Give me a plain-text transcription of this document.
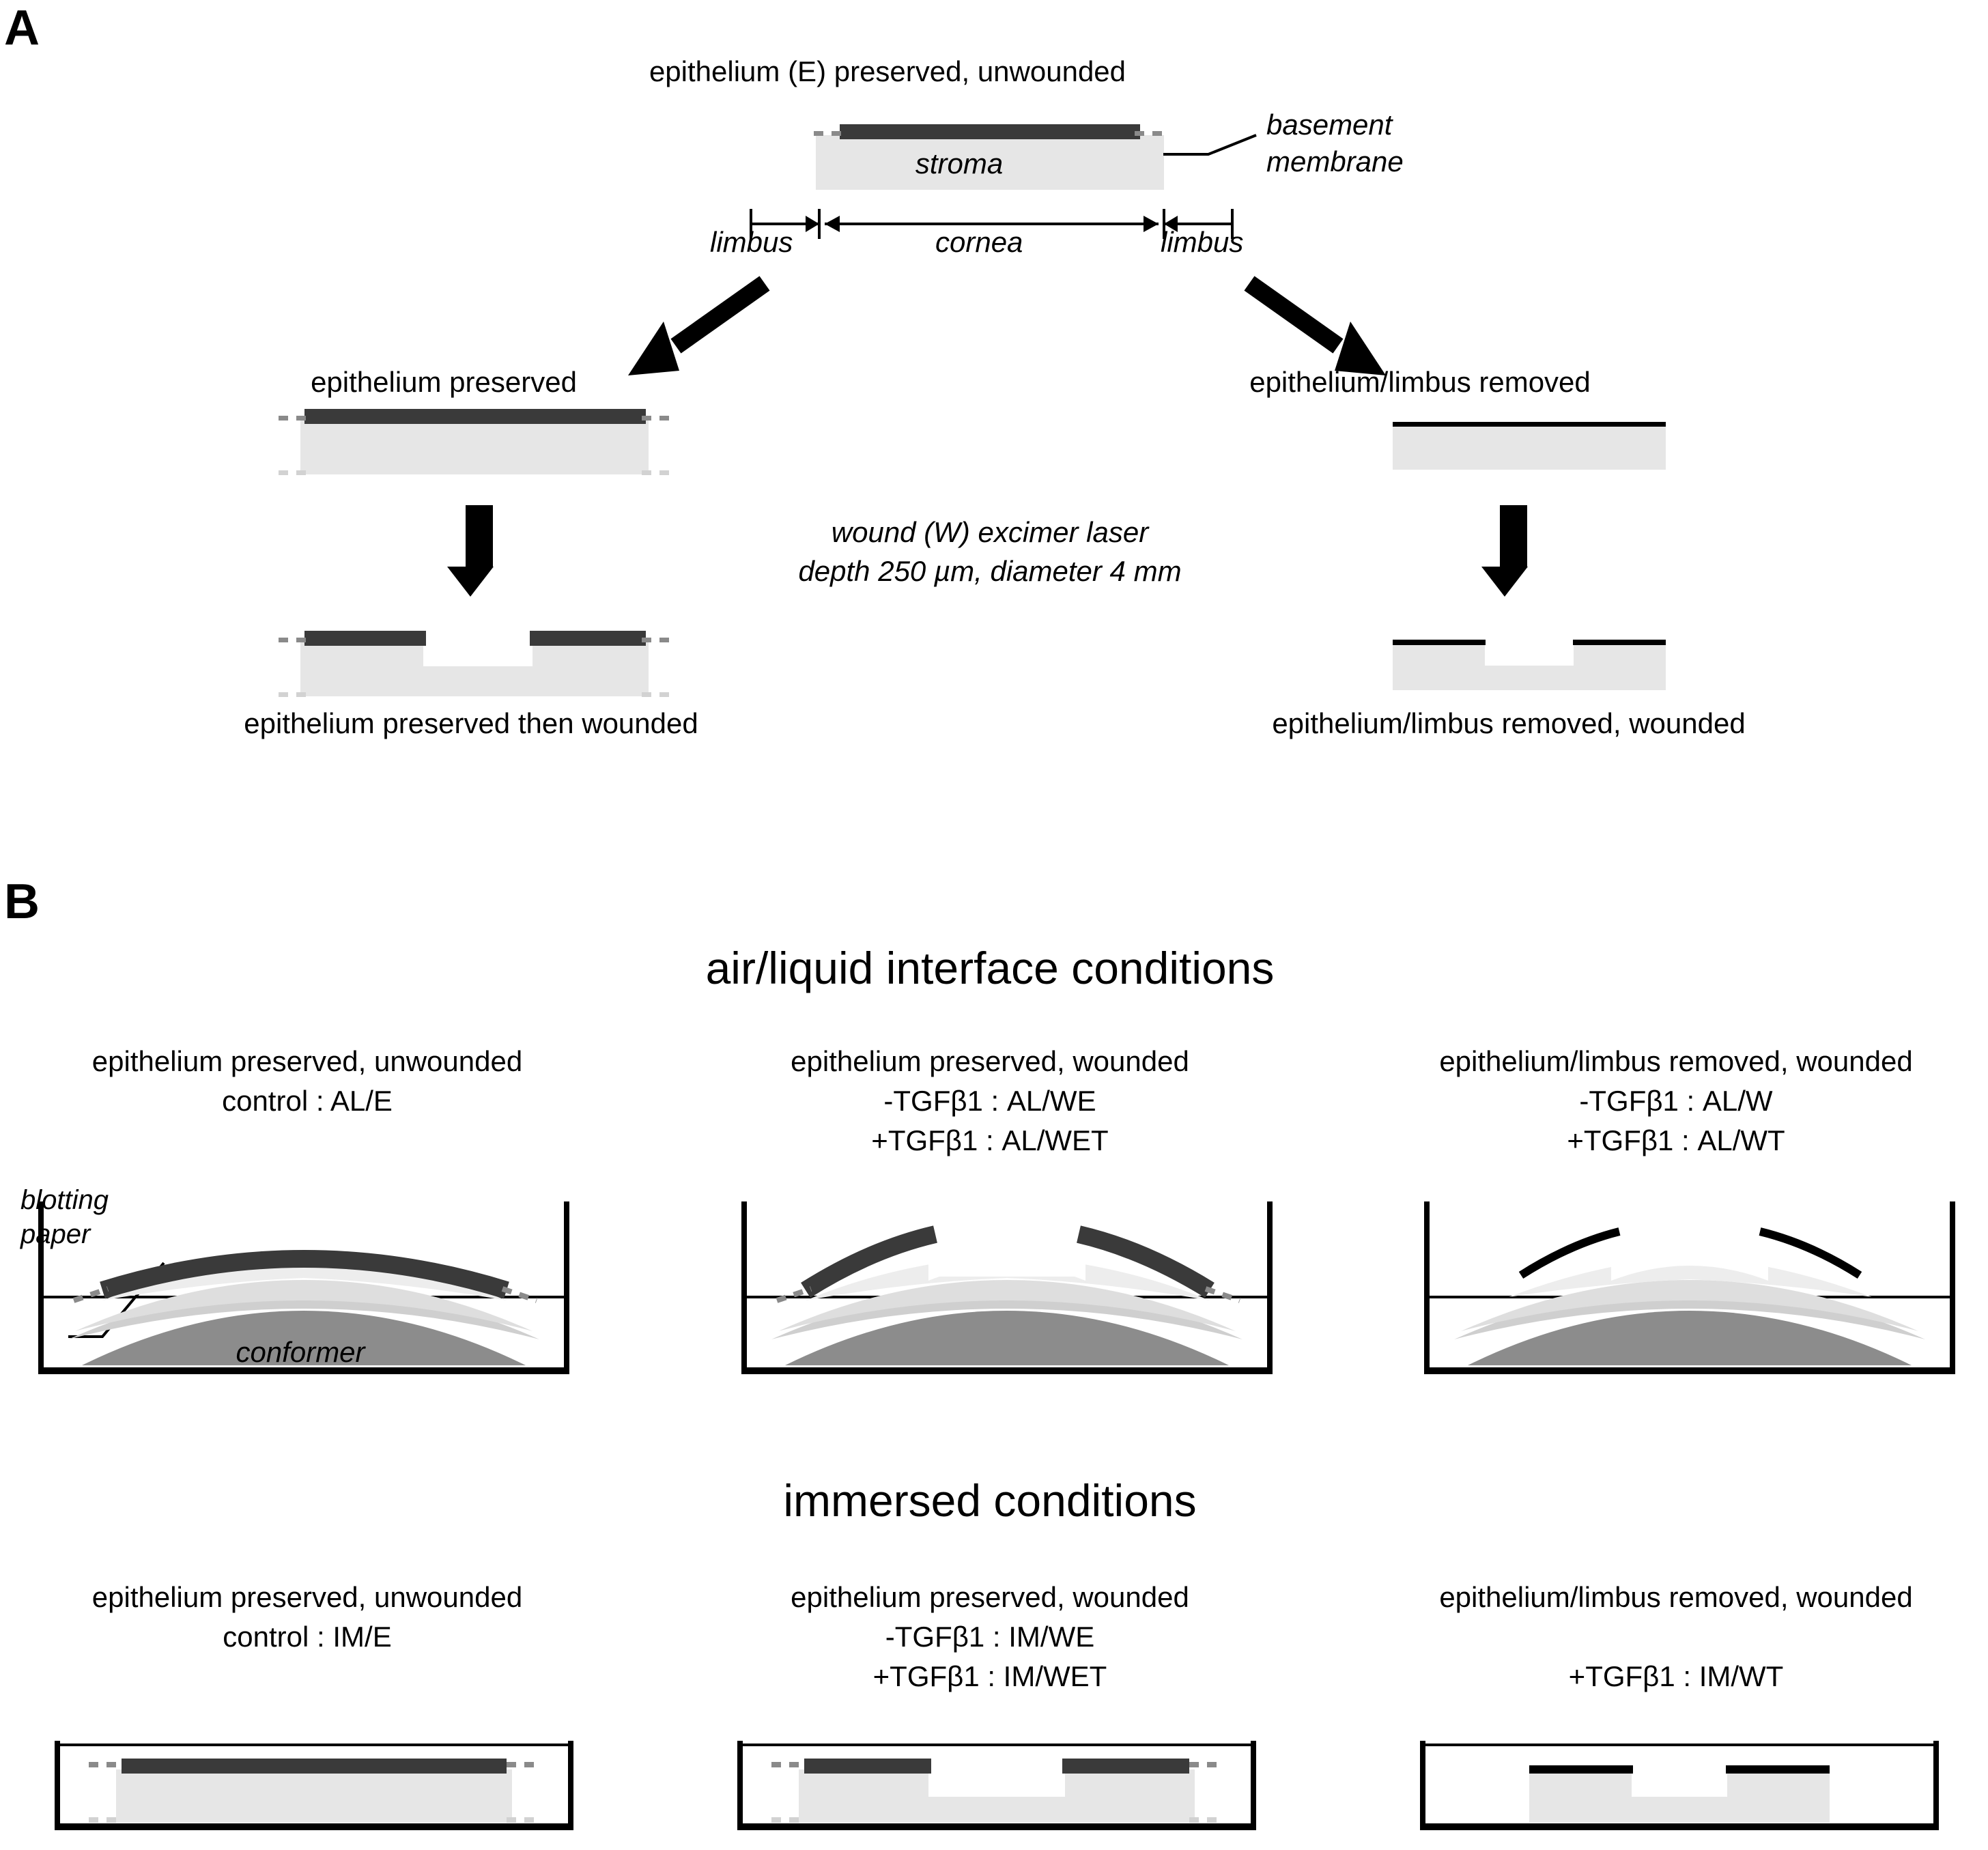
A
epithelium (E) preserved, unwounded
basement
membrane
stroma
limbus	cornea	limbus
epithelium preserved	epithelium/limbus removed
wound (W) excimer laser
depth 250 µm, diameter 4 mm
epithelium preserved then wounded	epithelium/limbus removed, wounded
B
air/liquid interface conditions
epithelium preserved, unwounded
control : AL/E
epithelium preserved, wounded
-TGFβ1 : AL/WE
+TGFβ1 : AL/WET
epithelium/limbus removed, wounded
-TGFβ1 : AL/W
+TGFβ1 : AL/WT
blotting
paper
conformer
immersed conditions
epithelium preserved, unwounded
control : IM/E
epithelium preserved, wounded
-TGFβ1 : IM/WE
+TGFβ1 : IM/WET
epithelium/limbus removed, wounded
+TGFβ1 : IM/WT
